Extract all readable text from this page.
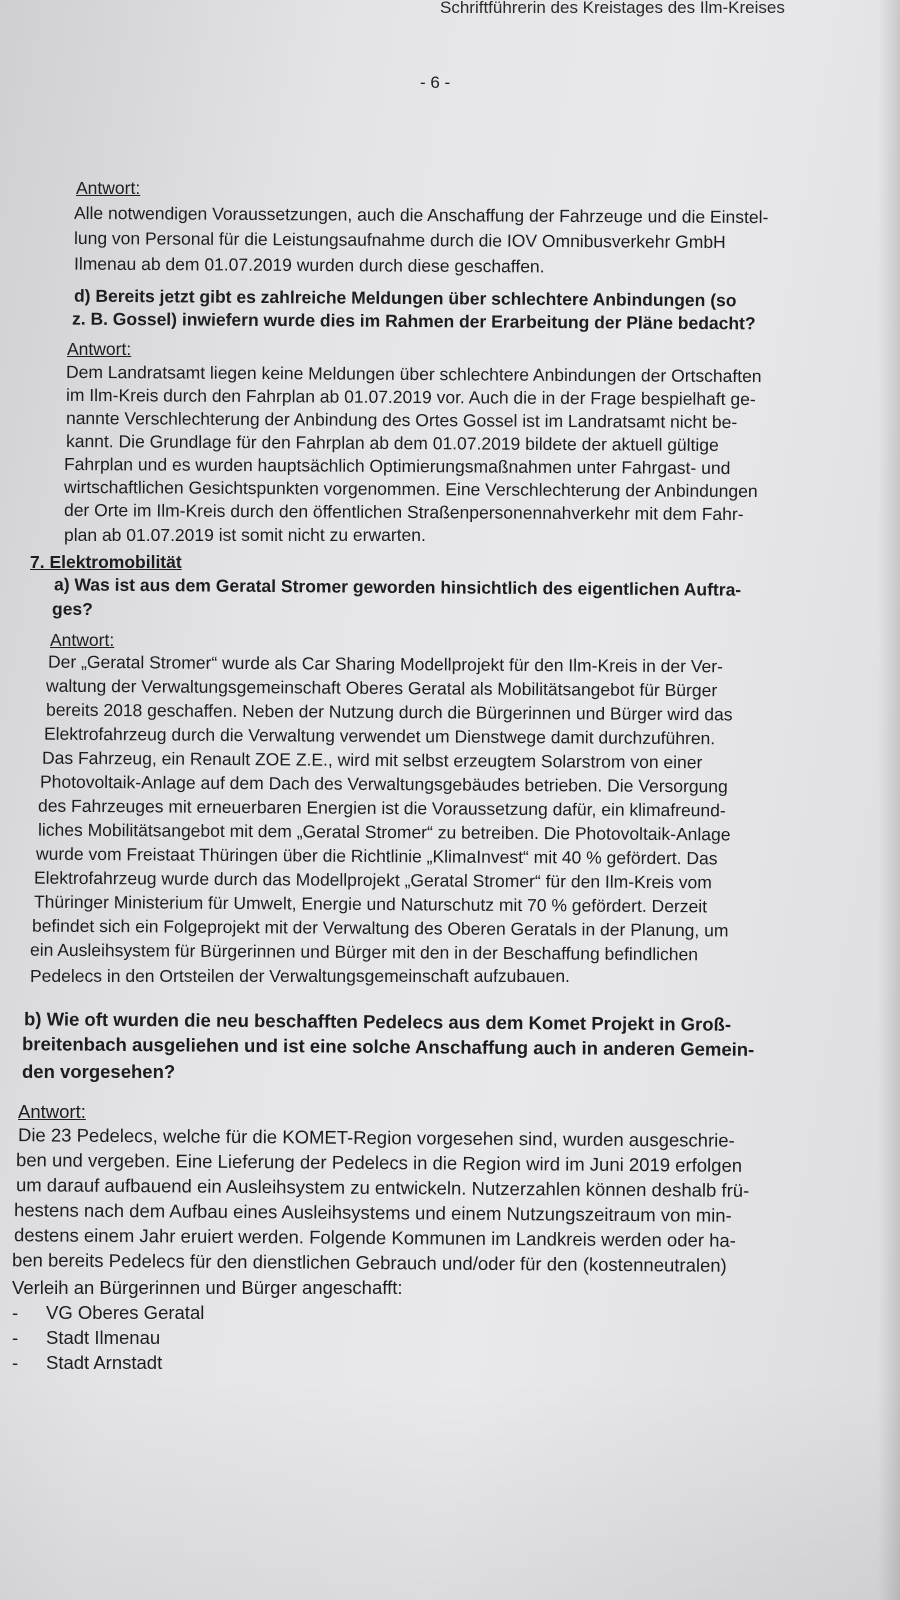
Schriftführerin des Kreistages des Ilm-Kreises
- 6 -
Antwort:
Alle notwendigen Voraussetzungen, auch die Anschaffung der Fahrzeuge und die Einstel-
lung von Personal für die Leistungsaufnahme durch die IOV Omnibusverkehr GmbH
Ilmenau ab dem 01.07.2019 wurden durch diese geschaffen.
d) Bereits jetzt gibt es zahlreiche Meldungen über schlechtere Anbindungen (so
z. B. Gossel) inwiefern wurde dies im Rahmen der Erarbeitung der Pläne bedacht?
Antwort:
Dem Landratsamt liegen keine Meldungen über schlechtere Anbindungen der Ortschaften
im Ilm-Kreis durch den Fahrplan ab 01.07.2019 vor. Auch die in der Frage bespielhaft ge-
nannte Verschlechterung der Anbindung des Ortes Gossel ist im Landratsamt nicht be-
kannt. Die Grundlage für den Fahrplan ab dem 01.07.2019 bildete der aktuell gültige
Fahrplan und es wurden hauptsächlich Optimierungsmaßnahmen unter Fahrgast- und
wirtschaftlichen Gesichtspunkten vorgenommen. Eine Verschlechterung der Anbindungen
der Orte im Ilm-Kreis durch den öffentlichen Straßenpersonennahverkehr mit dem Fahr-
plan ab 01.07.2019 ist somit nicht zu erwarten.
7. Elektromobilität
a) Was ist aus dem Geratal Stromer geworden hinsichtlich des eigentlichen Auftra-
ges?
Antwort:
Der „Geratal Stromer“ wurde als Car Sharing Modellprojekt für den Ilm-Kreis in der Ver-
waltung der Verwaltungsgemeinschaft Oberes Geratal als Mobilitätsangebot für Bürger
bereits 2018 geschaffen. Neben der Nutzung durch die Bürgerinnen und Bürger wird das
Elektrofahrzeug durch die Verwaltung verwendet um Dienstwege damit durchzuführen.
Das Fahrzeug, ein Renault ZOE Z.E., wird mit selbst erzeugtem Solarstrom von einer
Photovoltaik-Anlage auf dem Dach des Verwaltungsgebäudes betrieben. Die Versorgung
des Fahrzeuges mit erneuerbaren Energien ist die Voraussetzung dafür, ein klimafreund-
liches Mobilitätsangebot mit dem „Geratal Stromer“ zu betreiben. Die Photovoltaik-Anlage
wurde vom Freistaat Thüringen über die Richtlinie „KlimaInvest“ mit 40 % gefördert. Das
Elektrofahrzeug wurde durch das Modellprojekt „Geratal Stromer“ für den Ilm-Kreis vom
Thüringer Ministerium für Umwelt, Energie und Naturschutz mit 70 % gefördert. Derzeit
befindet sich ein Folgeprojekt mit der Verwaltung des Oberen Geratals in der Planung, um
ein Ausleihsystem für Bürgerinnen und Bürger mit den in der Beschaffung befindlichen
Pedelecs in den Ortsteilen der Verwaltungsgemeinschaft aufzubauen.
b) Wie oft wurden die neu beschafften Pedelecs aus dem Komet Projekt in Groß-
breitenbach ausgeliehen und ist eine solche Anschaffung auch in anderen Gemein-
den vorgesehen?
Antwort:
Die 23 Pedelecs, welche für die KOMET-Region vorgesehen sind, wurden ausgeschrie-
ben und vergeben. Eine Lieferung der Pedelecs in die Region wird im Juni 2019 erfolgen
um darauf aufbauend ein Ausleihsystem zu entwickeln. Nutzerzahlen können deshalb frü-
hestens nach dem Aufbau eines Ausleihsystems und einem Nutzungszeitraum von min-
destens einem Jahr eruiert werden. Folgende Kommunen im Landkreis werden oder ha-
ben bereits Pedelecs für den dienstlichen Gebrauch und/oder für den (kostenneutralen)
Verleih an Bürgerinnen und Bürger angeschafft:
- VG Oberes Geratal
- Stadt Ilmenau
- Stadt Arnstadt
